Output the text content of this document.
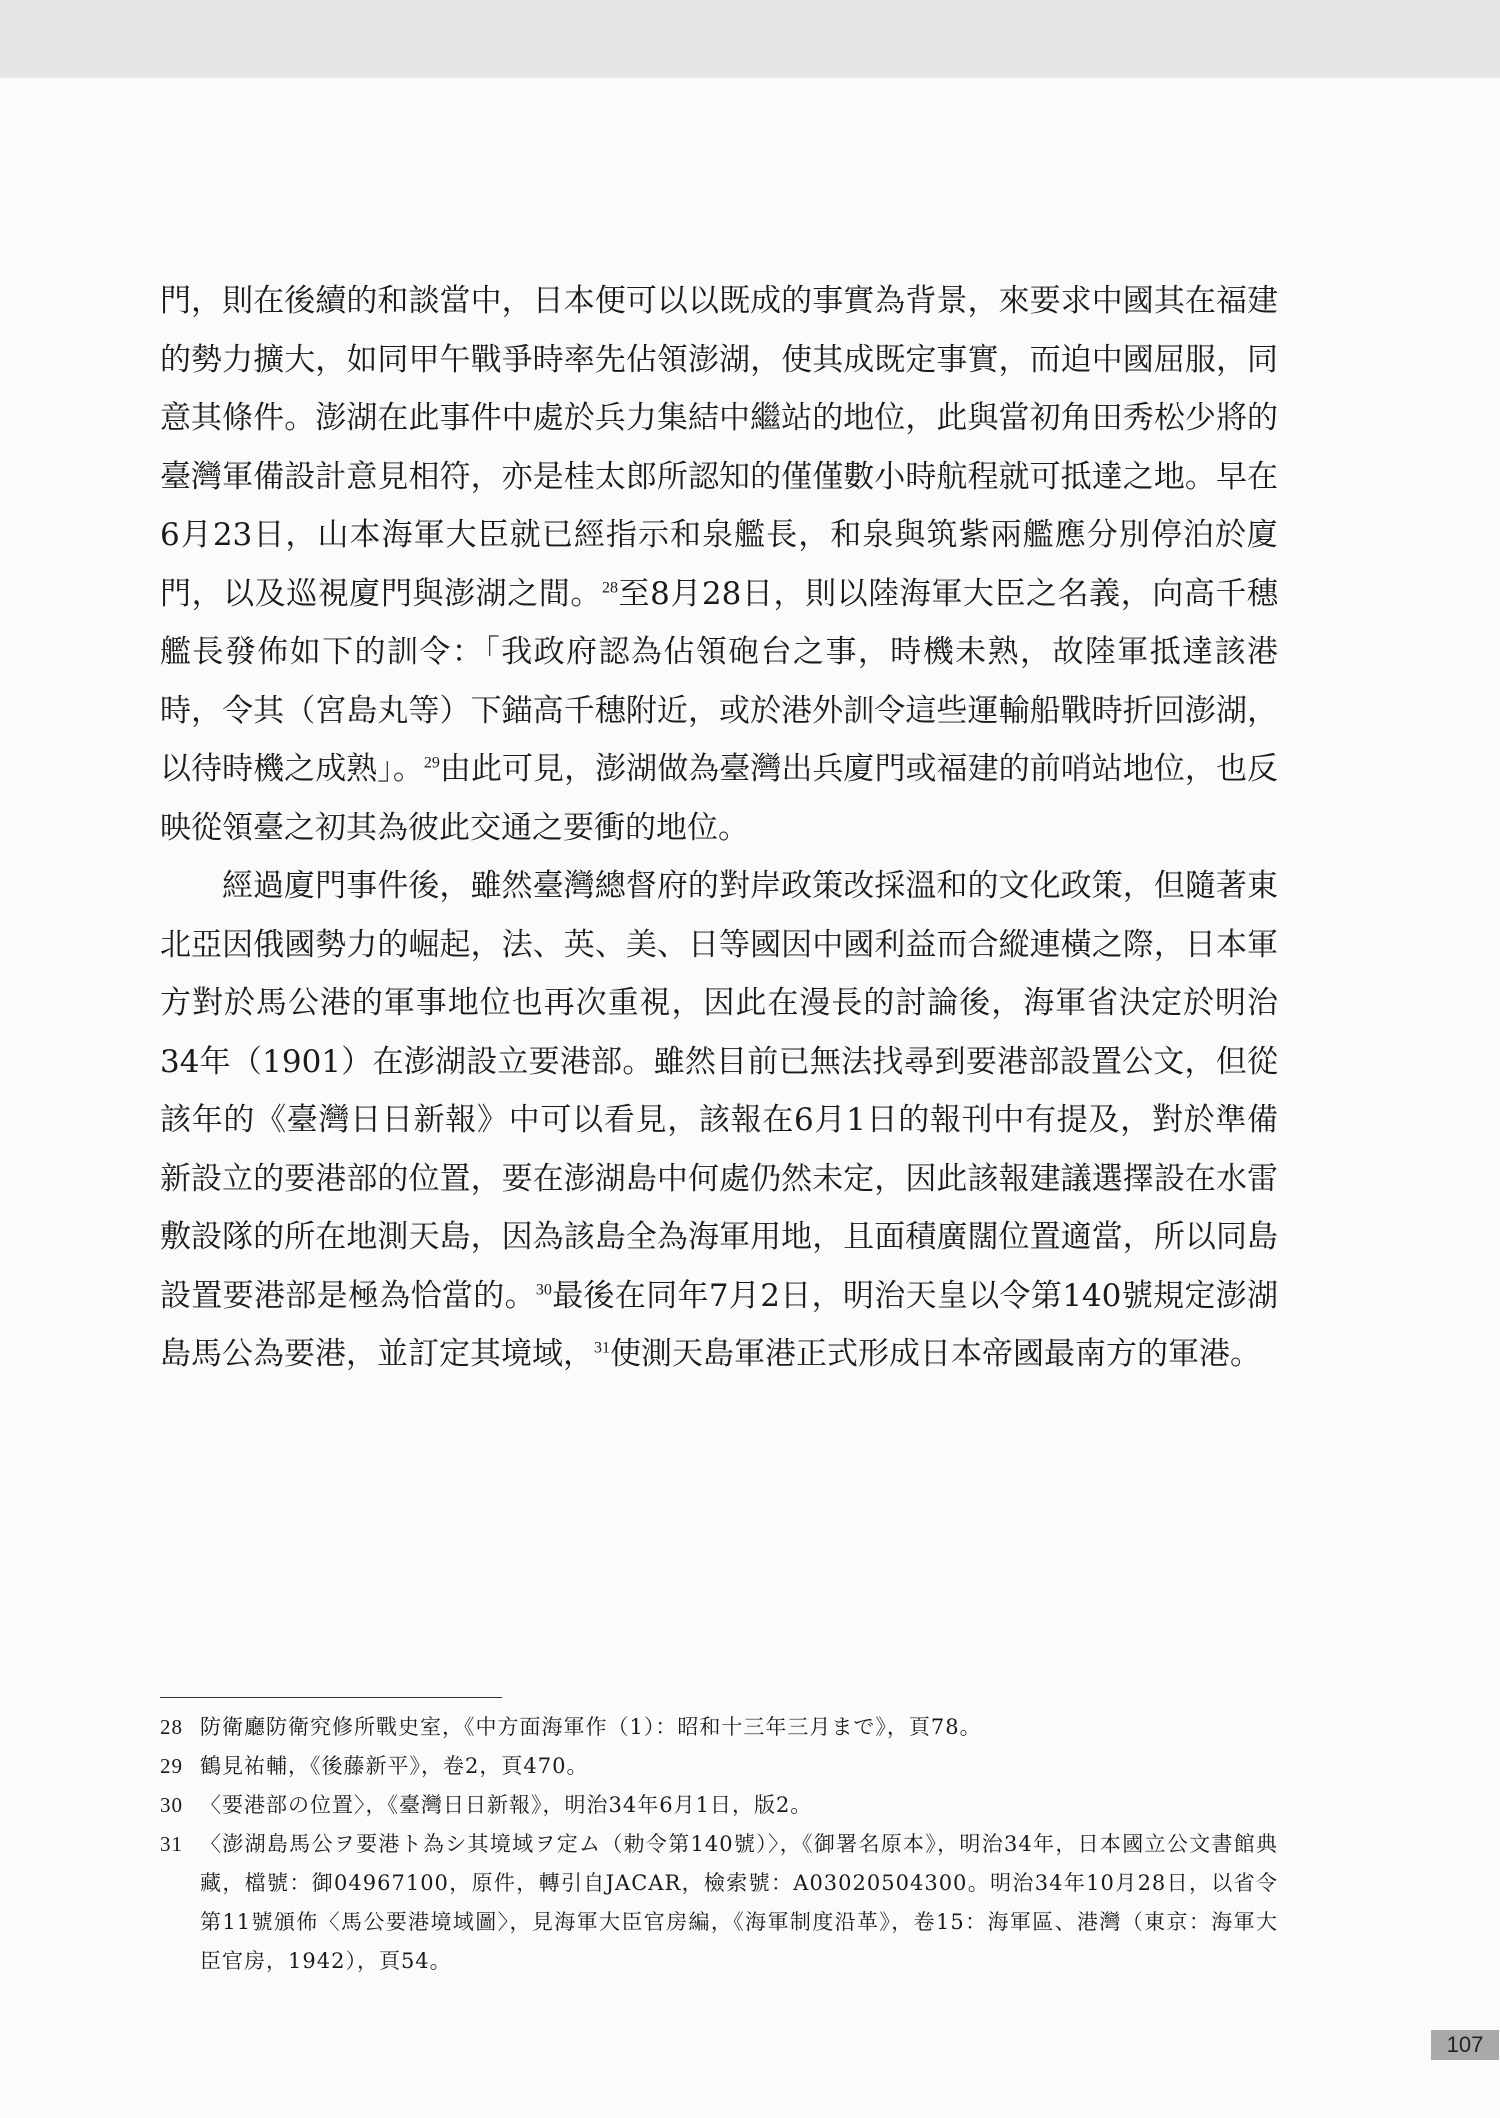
門，則在後續的和談當中，日本便可以以既成的事實為背景，來要求中國其在福建的勢力擴大，如同甲午戰爭時率先佔領澎湖，使其成既定事實，而迫中國屈服，同意其條件。澎湖在此事件中處於兵力集結中繼站的地位，此與當初角田秀松少將的臺灣軍備設計意見相符，亦是桂太郎所認知的僅僅數小時航程就可抵達之地。早在6月23日，山本海軍大臣就已經指示和泉艦長，和泉與筑紫兩艦應分別停泊於廈門，以及巡視廈門與澎湖之間。$^{28}$至8月28日，則以陸海軍大臣之名義，向高千穗艦長發佈如下的訓令：「我政府認為佔領砲台之事，時機未熟，故陸軍抵達該港時，令其（宮島丸等）下錨高千穗附近，或於港外訓令這些運輸船戰時折回澎湖，以待時機之成熟」。$^{29}$由此可見，澎湖做為臺灣出兵廈門或福建的前哨站地位，也反映從領臺之初其為彼此交通之要衝的地位。

經過廈門事件後，雖然臺灣總督府的對岸政策改採溫和的文化政策，但隨著東北亞因俄國勢力的崛起，法、英、美、日等國因中國利益而合縱連橫之際，日本軍方對於馬公港的軍事地位也再次重視，因此在漫長的討論後，海軍省決定於明治34年（1901）在澎湖設立要港部。雖然目前已無法找尋到要港部設置公文，但從該年的《臺灣日日新報》中可以看見，該報在6月1日的報刊中有提及，對於準備新設立的要港部的位置，要在澎湖島中何處仍然未定，因此該報建議選擇設在水雷敷設隊的所在地測天島，因為該島全為海軍用地，且面積廣闊位置適當，所以同島設置要港部是極為恰當的。$^{30}$最後在同年7月2日，明治天皇以令第140號規定澎湖島馬公為要港，並訂定其境域，$^{31}$使測天島軍港正式形成日本帝國最南方的軍港。

28 防衛廳防衛究修所戰史室，《中方面海軍作（1）：昭和十三年三月まで》，頁78。
29 鶴見祐輔，《後藤新平》，卷2，頁470。
30 〈要港部の位置〉，《臺灣日日新報》，明治34年6月1日，版2。
31 〈澎湖島馬公ヲ要港ト為シ其境域ヲ定ム（勅令第140號）〉，《御署名原本》，明治34年，日本國立公文書館典藏，檔號：御04967100，原件，轉引自JACAR，檢索號：A03020504300。明治34年10月28日，以省令第11號頒佈〈馬公要港境域圖〉，見海軍大臣官房編，《海軍制度沿革》，卷15：海軍區、港灣（東京：海軍大臣官房，1942），頁54。
107
